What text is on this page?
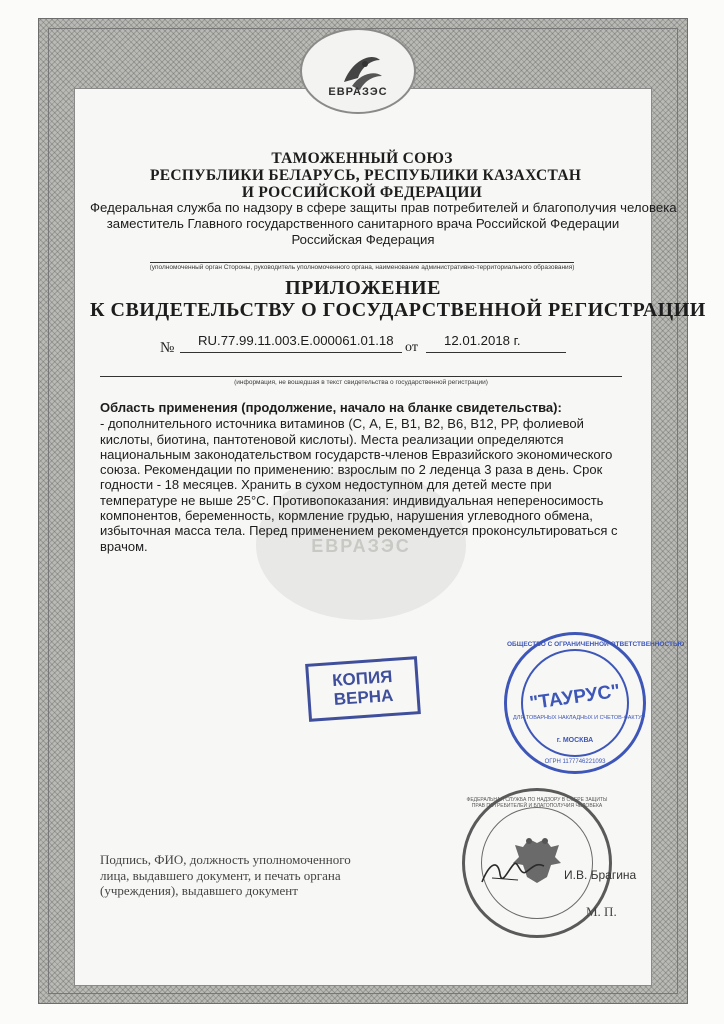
ЕВРАЗЭС
ТАМОЖЕННЫЙ СОЮЗ
РЕСПУБЛИКИ БЕЛАРУСЬ, РЕСПУБЛИКИ КАЗАХСТАН
И РОССИЙСКОЙ ФЕДЕРАЦИИ
Федеральная служба по надзору в сфере защиты прав потребителей и благополучия человека
заместитель Главного государственного санитарного врача Российской Федерации
Российская Федерация
(уполномоченный орган Стороны, руководитель уполномоченного органа, наименование административно-территориального образования)
ПРИЛОЖЕНИЕ
К СВИДЕТЕЛЬСТВУ О ГОСУДАРСТВЕННОЙ РЕГИСТРАЦИИ
№ RU.77.99.11.003.Е.000061.01.18 от 12.01.2018 г.
(информация, не вошедшая в текст свидетельства о государственной регистрации)
ЕВРАЗЭС

Область применения (продолжение, начало на бланке свидетельства):

- дополнительного источника витаминов (С, А, Е, В1, В2, В6, В12, РР, фолиевой кислоты, биотина, пантотеновой кислоты). Места реализации определяются национальным законодательством государств-членов Евразийского экономического союза. Рекомендации по применению: взрослым по 2 леденца 3 раза в день. Срок годности - 18 месяцев. Хранить в сухом недоступном для детей месте при температуре не выше 25°С. Противопоказания: индивидуальная непереносимость компонентов, беременность, кормление грудью, нарушения углеводного обмена, избыточная масса тела. Перед применением рекомендуется проконсультироваться с врачом.

КОПИЯ
ВЕРНА
ОБЩЕСТВО С ОГРАНИЧЕННОЙ ОТВЕТСТВЕННОСТЬЮ
"ТАУРУС"
ДЛЯ ТОВАРНЫХ НАКЛАДНЫХ И СЧЕТОВ-ФАКТУР
г. МОСКВА
ОГРН 1177746221093
ФЕДЕРАЛЬНАЯ СЛУЖБА ПО НАДЗОРУ В СФЕРЕ ЗАЩИТЫ ПРАВ ПОТРЕБИТЕЛЕЙ И БЛАГОПОЛУЧИЯ ЧЕЛОВЕКА
Подпись, ФИО, должность уполномоченного
лица, выдавшего документ, и печать органа
(учреждения), выдавшего документ
И.В. Брагина
М. П.
